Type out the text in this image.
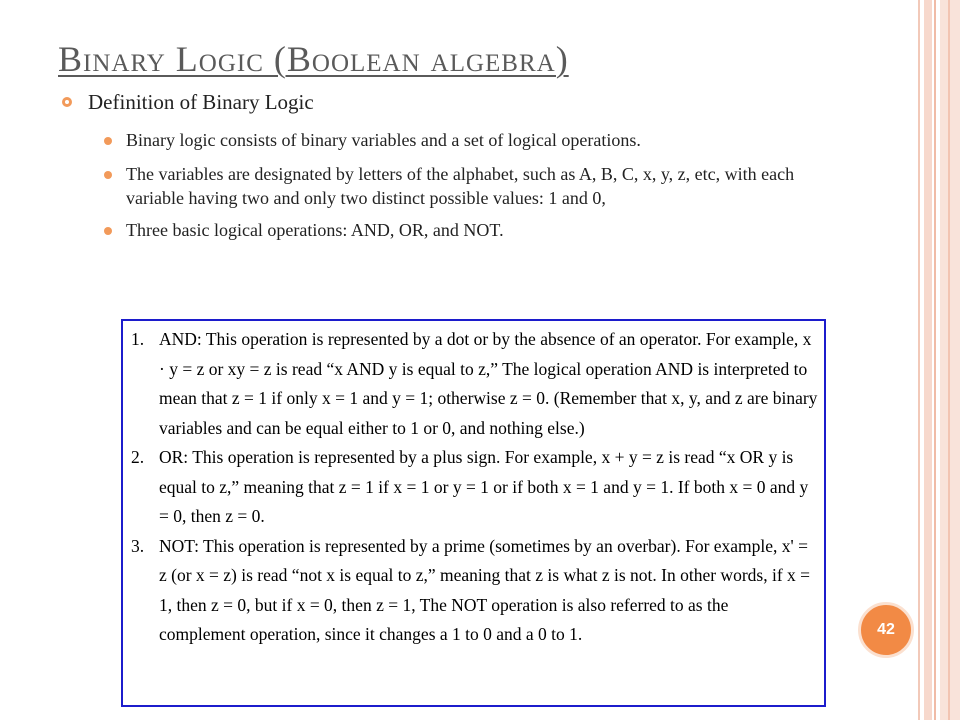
Binary Logic (Boolean algebra)
Definition of Binary Logic
Binary logic consists of binary variables and a set of logical operations.
The variables are designated by letters of the alphabet, such as A, B, C, x, y, z, etc, with each variable having two and only two distinct possible values: 1 and 0,
Three basic logical operations: AND, OR, and NOT.
1. AND: This operation is represented by a dot or by the absence of an operator. For example, x · y = z or xy = z is read “x AND y is equal to z,” The logical operation AND is interpreted to mean that z = 1 if only x = 1 and y = 1; otherwise z = 0. (Remember that x, y, and z are binary variables and can be equal either to 1 or 0, and nothing else.)

2. OR: This operation is represented by a plus sign. For example, x + y = z is read “x OR y is equal to z,” meaning that z = 1 if x = 1 or y = 1 or if both x = 1 and y = 1. If both x = 0 and y = 0, then z = 0.

3. NOT: This operation is represented by a prime (sometimes by an overbar). For example, x' = z (or x = z) is read “not x is equal to z,” meaning that z is what z is not. In other words, if x = 1, then z = 0, but if x = 0, then z = 1, The NOT operation is also referred to as the complement operation, since it changes a 1 to 0 and a 0 to 1.	42
